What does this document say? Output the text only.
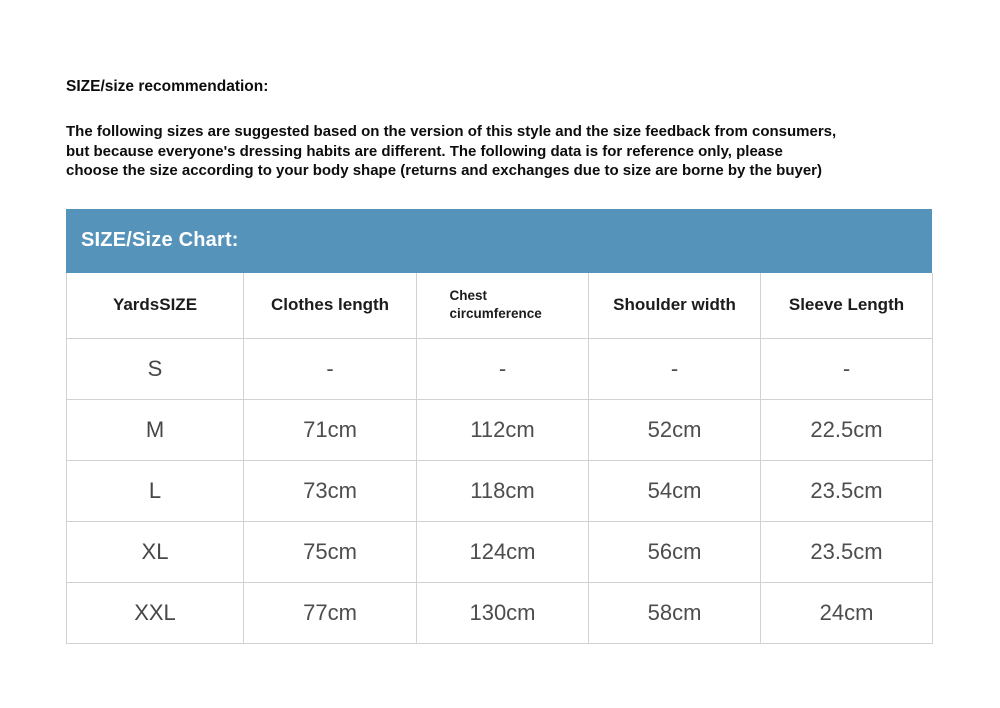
SIZE/size recommendation:
The following sizes are suggested based on the version of this style and the size feedback from consumers,
but because everyone's dressing habits are different. The following data is for reference only, please
choose the size according to your body shape (returns and exchanges due to size are borne by the buyer)
SIZE/Size Chart:
YardsSIZE	Clothes length	Chest circumference	Shoulder width	Sleeve Length
S	-	-	-	-
M	71cm	112cm	52cm	22.5cm
L	73cm	118cm	54cm	23.5cm
XL	75cm	124cm	56cm	23.5cm
XXL	77cm	130cm	58cm	24cm
